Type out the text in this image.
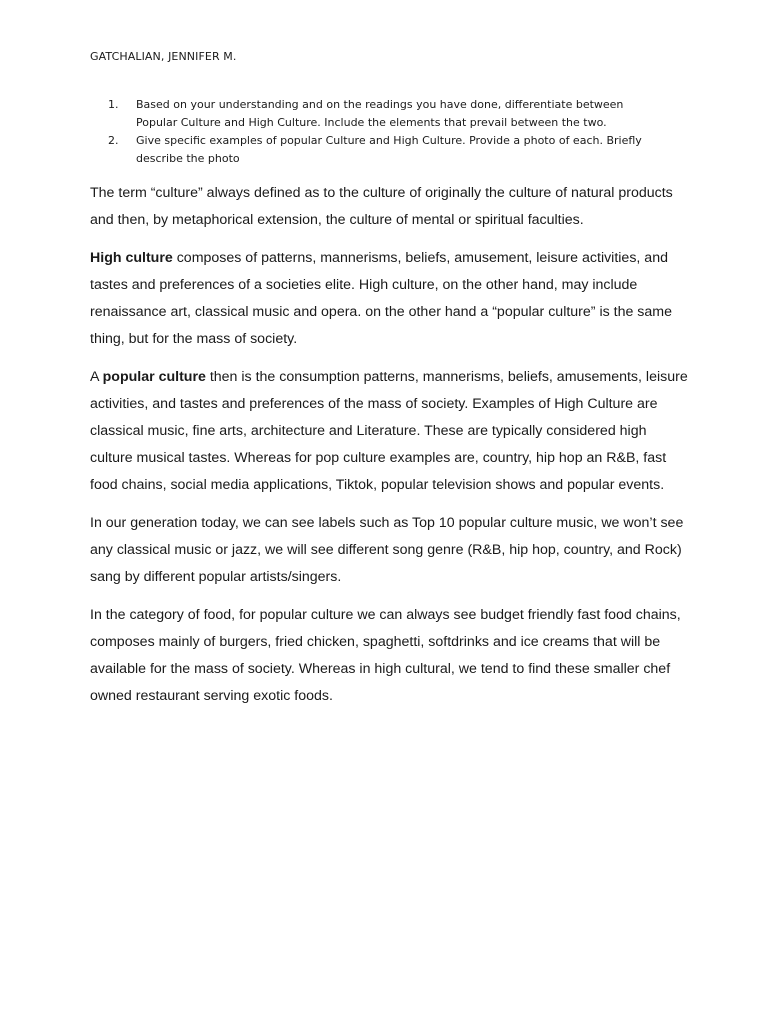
GATCHALIAN, JENNIFER M.
1. Based on your understanding and on the readings you have done, differentiate between Popular Culture and High Culture. Include the elements that prevail between the two.
2. Give specific examples of popular Culture and High Culture. Provide a photo of each. Briefly describe the photo

The term “culture” always defined as to the culture of originally the culture of natural products and then, by metaphorical extension, the culture of mental or spiritual faculties.

High culture composes of patterns, mannerisms, beliefs, amusement, leisure activities, and tastes and preferences of a societies elite. High culture, on the other hand, may include renaissance art, classical music and opera. on the other hand a “popular culture” is the same thing, but for the mass of society.

A popular culture then is the consumption patterns, mannerisms, beliefs, amusements, leisure activities, and tastes and preferences of the mass of society. Examples of High Culture are classical music, fine arts, architecture and Literature. These are typically considered high culture musical tastes. Whereas for pop culture examples are, country, hip hop an R&B, fast food chains, social media applications, Tiktok, popular television shows and popular events.

In our generation today, we can see labels such as Top 10 popular culture music, we won’t see any classical music or jazz, we will see different song genre (R&B, hip hop, country, and Rock) sang by different popular artists/singers.

In the category of food, for popular culture we can always see budget friendly fast food chains, composes mainly of burgers, fried chicken, spaghetti, softdrinks and ice creams that will be available for the mass of society. Whereas in high cultural, we tend to find these smaller chef owned restaurant serving exotic foods.
